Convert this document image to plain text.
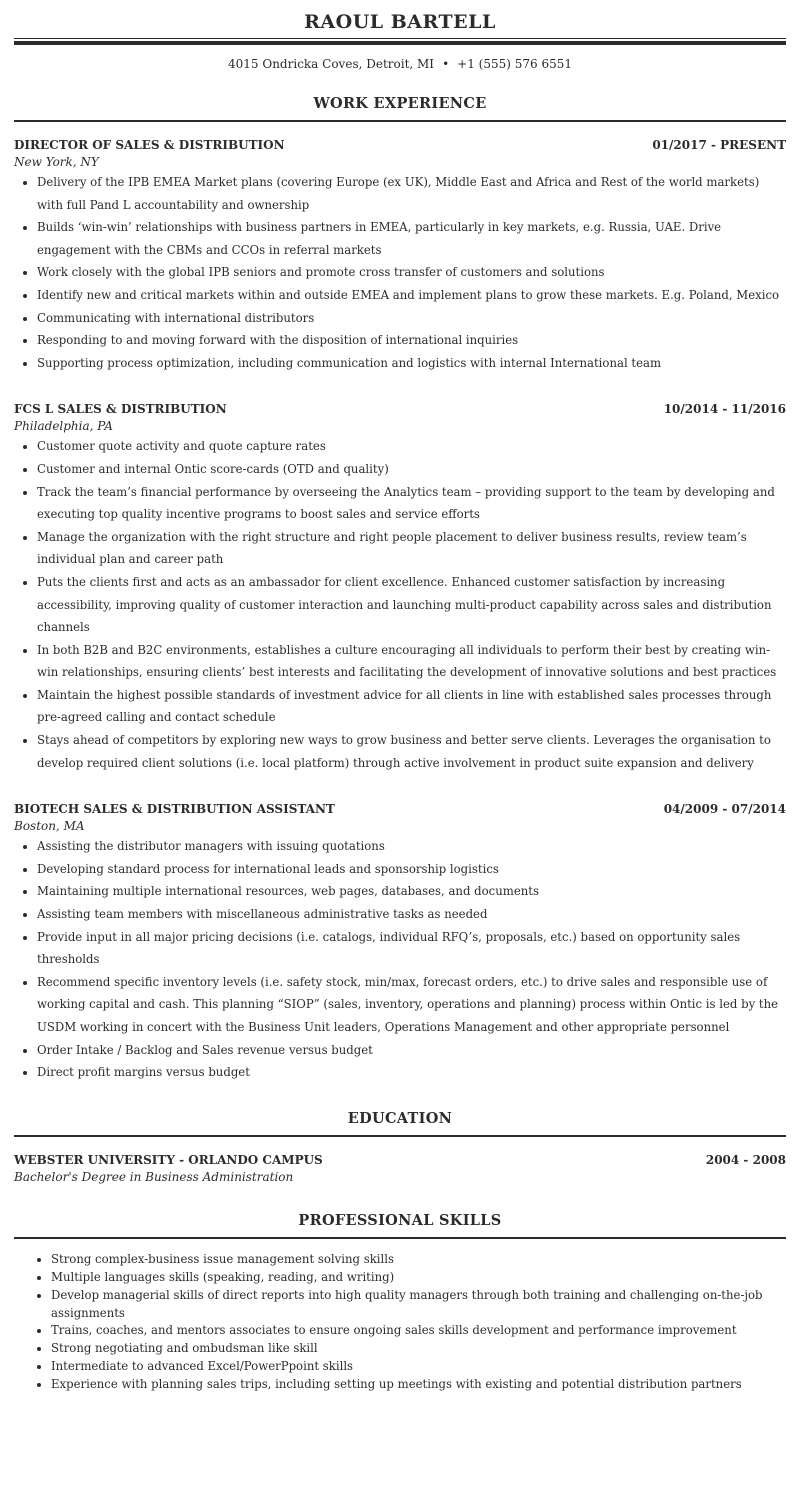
RAOUL BARTELL
4015 Ondricka Coves, Detroit, MI • +1 (555) 576 6551
WORK EXPERIENCE
DIRECTOR OF SALES & DISTRIBUTION	01/2017 - PRESENT
New York, NY
• Delivery of the IPB EMEA Market plans (covering Europe (ex UK), Middle East and Africa and Rest of the world markets) with full Pand L accountability and ownership
• Builds ‘win-win’ relationships with business partners in EMEA, particularly in key markets, e.g. Russia, UAE. Drive engagement with the CBMs and CCOs in referral markets
• Work closely with the global IPB seniors and promote cross transfer of customers and solutions
• Identify new and critical markets within and outside EMEA and implement plans to grow these markets. E.g. Poland, Mexico
• Communicating with international distributors
• Responding to and moving forward with the disposition of international inquiries
• Supporting process optimization, including communication and logistics with internal International team
FCS L SALES & DISTRIBUTION	10/2014 - 11/2016
Philadelphia, PA
• Customer quote activity and quote capture rates
• Customer and internal Ontic score-cards (OTD and quality)
• Track the team’s financial performance by overseeing the Analytics team – providing support to the team by developing and executing top quality incentive programs to boost sales and service efforts
• Manage the organization with the right structure and right people placement to deliver business results, review team’s individual plan and career path
• Puts the clients first and acts as an ambassador for client excellence. Enhanced customer satisfaction by increasing accessibility, improving quality of customer interaction and launching multi-product capability across sales and distribution channels
• In both B2B and B2C environments, establishes a culture encouraging all individuals to perform their best by creating win-win relationships, ensuring clients’ best interests and facilitating the development of innovative solutions and best practices
• Maintain the highest possible standards of investment advice for all clients in line with established sales processes through pre-agreed calling and contact schedule
• Stays ahead of competitors by exploring new ways to grow business and better serve clients. Leverages the organisation to develop required client solutions (i.e. local platform) through active involvement in product suite expansion and delivery
BIOTECH SALES & DISTRIBUTION ASSISTANT	04/2009 - 07/2014
Boston, MA
• Assisting the distributor managers with issuing quotations
• Developing standard process for international leads and sponsorship logistics
• Maintaining multiple international resources, web pages, databases, and documents
• Assisting team members with miscellaneous administrative tasks as needed
• Provide input in all major pricing decisions (i.e. catalogs, individual RFQ’s, proposals, etc.) based on opportunity sales thresholds
• Recommend specific inventory levels (i.e. safety stock, min/max, forecast orders, etc.) to drive sales and responsible use of working capital and cash. This planning “SIOP” (sales, inventory, operations and planning) process within Ontic is led by the USDM working in concert with the Business Unit leaders, Operations Management and other appropriate personnel
• Order Intake / Backlog and Sales revenue versus budget
• Direct profit margins versus budget
EDUCATION
WEBSTER UNIVERSITY - ORLANDO CAMPUS	2004 - 2008
Bachelor's Degree in Business Administration
PROFESSIONAL SKILLS
• Strong complex-business issue management solving skills
• Multiple languages skills (speaking, reading, and writing)
• Develop managerial skills of direct reports into high quality managers through both training and challenging on-the-job assignments
• Trains, coaches, and mentors associates to ensure ongoing sales skills development and performance improvement
• Strong negotiating and ombudsman like skill
• Intermediate to advanced Excel/PowerPpoint skills
• Experience with planning sales trips, including setting up meetings with existing and potential distribution partners
